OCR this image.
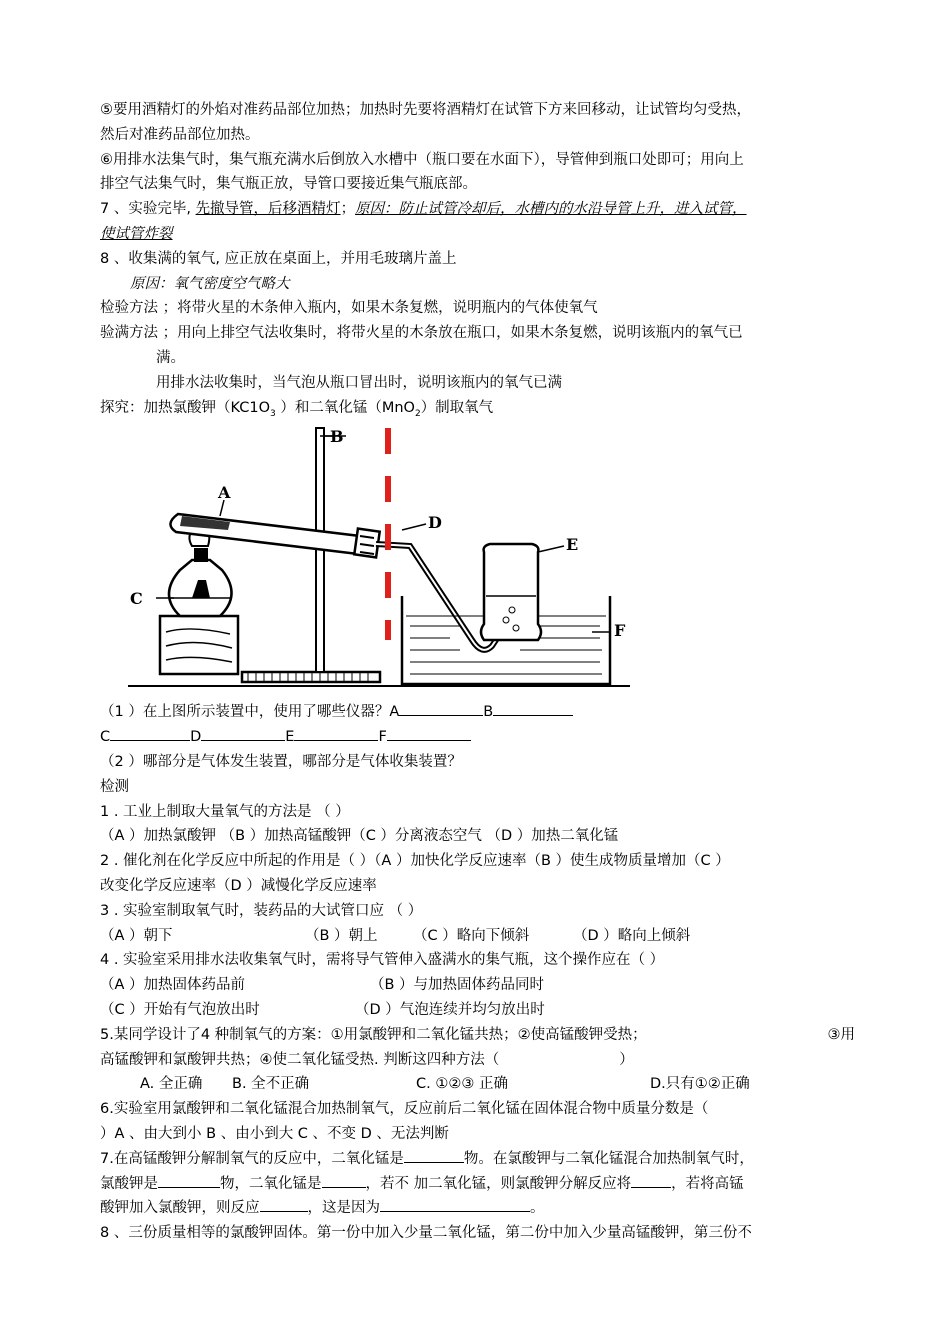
⑤要用酒精灯的外焰对准药品部位加热；加热时先要将酒精灯在试管下方来回移动，让试管均匀受热，
然后对准药品部位加热。
⑥用排水法集气时，集气瓶充满水后倒放入水槽中（瓶口要在水面下），导管伸到瓶口处即可；用向上
排空气法集气时，集气瓶正放，导管口要接近集气瓶底部。
7 、实验完毕, 先撤导管，后移酒精灯；原因：防止试管冷却后，水槽内的水沿导管上升，进入试管，
使试管炸裂
8 、收集满的氧气, 应正放在桌面上，并用毛玻璃片盖上
原因：氧气密度空气略大
检验方法 ；将带火星的木条伸入瓶内，如果木条复燃，说明瓶内的气体使氧气
验满方法 ；用向上排空气法收集时，将带火星的木条放在瓶口，如果木条复燃，说明该瓶内的氧气已
满。
用排水法收集时，当气泡从瓶口冒出时，说明该瓶内的氧气已满
探究：加热氯酸钾（$KC1O_3$ ）和二氧化锰（MnO$_2$）制取氧气
B
A
C
D
E
F
（1 ）在上图所示装置中，使用了哪些仪器？A	B
C	D	E	F
（2 ）哪部分是气体发生装置，哪部分是气体收集装置？
检测
1 . 工业上制取大量氧气的方法是 （ ）
（A ）加热氯酸钾 （B ）加热高锰酸钾（C ）分离液态空气 （D ）加热二氧化锰
2 . 催化剂在化学反应中所起的作用是（ ）（A ）加快化学反应速率（B ）使生成物质量增加（C ）
改变化学反应速率（D ）减慢化学反应速率
3 . 实验室制取氧气时，装药品的大试管口应 （ ）
（A ）朝下	（B ）朝上 （C ）略向下倾斜	（D ）略向上倾斜
4 . 实验室采用排水法收集氧气时，需将导气管伸入盛满水的集气瓶，这个操作应在（ ）
（A ）加热固体药品前	（B ）与加热固体药品同时
（C ）开始有气泡放出时	（D ）气泡连续并均匀放出时
5.某同学设计了4 种制氧气的方案：①用氯酸钾和二氧化锰共热；②使高锰酸钾受热；	③用
高锰酸钾和氯酸钾共热；④使二氧化锰受热. 判断这四种方法（	）
A. 全正确 B. 全不正确	C. ①②③ 正确	D.只有①②正确
6.实验室用氯酸钾和二氧化锰混合加热制氧气，反应前后二氧化锰在固体混合物中质量分数是（
）A 、由大到小 B 、由小到大 C 、不变 D 、无法判断
7.在高锰酸钾分解制氧气的反应中，二氧化锰是	物。在氯酸钾与二氧化锰混合加热制氧气时，
氯酸钾是	物，二氧化锰是	，若不 加二氧化锰，则氯酸钾分解反应将	，若将高锰
酸钾加入氯酸钾，则反应	，这是因为	。
8 、三份质量相等的氯酸钾固体。第一份中加入少量二氧化锰，第二份中加入少量高锰酸钾，第三份不
